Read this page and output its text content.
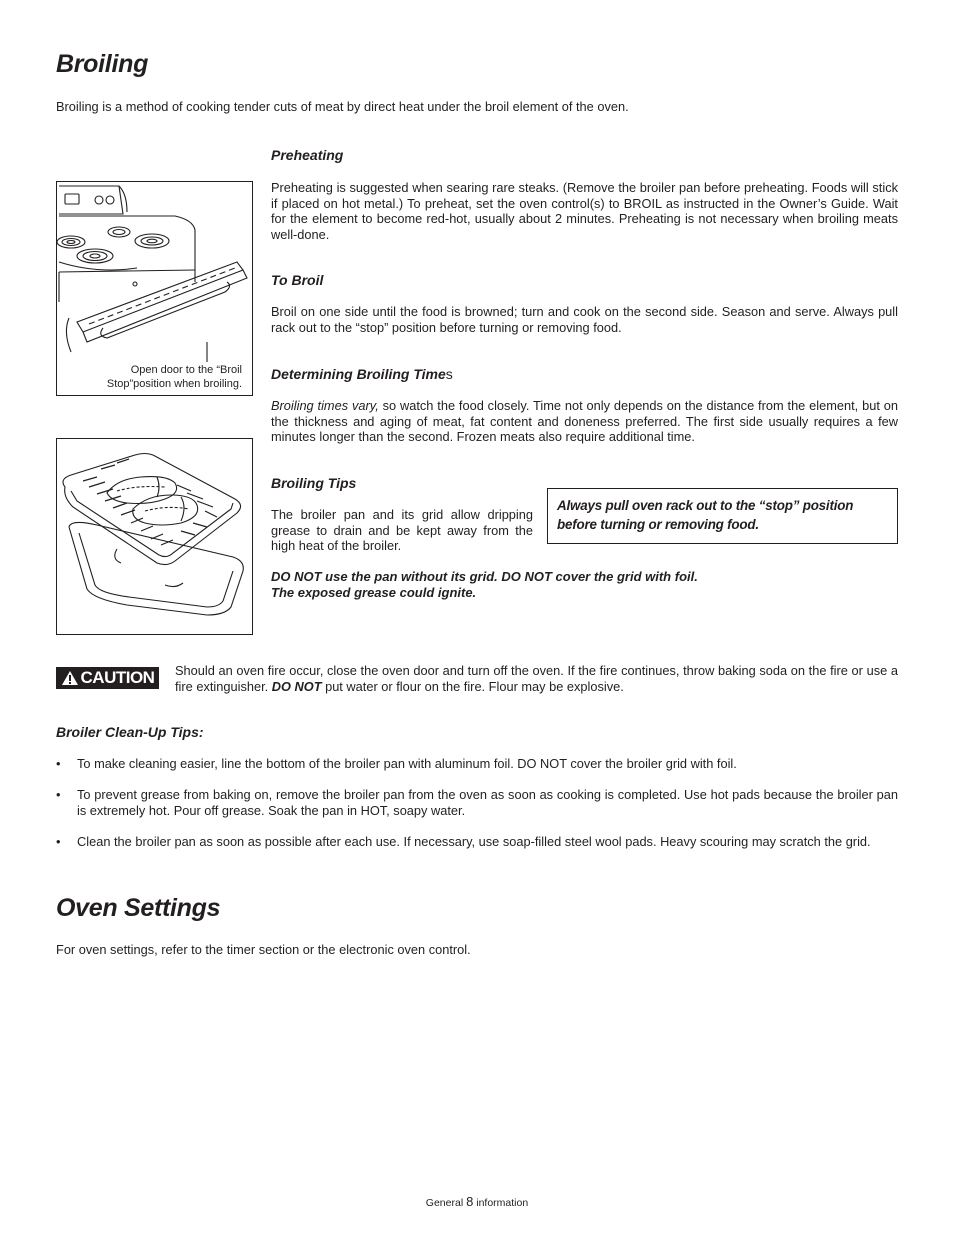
Broiling
Broiling is a method of cooking tender cuts of meat by direct heat under the broil element of the oven.
Open door to the “Broil
Stop”position when broiling.
Preheating
Preheating is suggested when searing rare steaks. (Remove the broiler pan before preheating. Foods will stick if placed on hot metal.) To preheat, set the oven control(s) to BROIL as instructed in the Owner’s Guide. Wait for the element to become red-hot, usually about 2 minutes. Preheating is not necessary when broiling meats well-done.
To Broil
Broil on one side until the food is browned; turn and cook on the second side. Season and serve. Always pull rack out to the “stop” position before turning or removing food.
Determining Broiling Times
Broiling times vary, so watch the food closely. Time not only depends on the distance from the element, but on the thickness and aging of meat, fat content and doneness preferred. The first side usually requires a few minutes longer than the second. Frozen meats also require additional time.
Broiling Tips
The broiler pan and its grid allow dripping grease to drain and be kept away from the high heat of the broiler.
Always pull oven rack out to the “stop” position before turning or removing food.
DO NOT use the pan without its grid. DO NOT cover the grid with foil.
The exposed grease could ignite.
CAUTION Should an oven fire occur, close the oven door and turn off the oven. If the fire continues, throw baking soda on the fire or use a fire extinguisher. DO NOT put water or flour on the fire. Flour may be explosive.
Broiler Clean-Up Tips:
• To make cleaning easier, line the bottom of the broiler pan with aluminum foil. DO NOT cover the broiler grid with foil.
• To prevent grease from baking on, remove the broiler pan from the oven as soon as cooking is completed. Use hot pads because the broiler pan is extremely hot. Pour off grease. Soak the pan in HOT, soapy water.
• Clean the broiler pan as soon as possible after each use. If necessary, use soap-filled steel wool pads. Heavy scouring may scratch the grid.
Oven Settings
For oven settings, refer to the timer section or the electronic oven control.
General 8 information
